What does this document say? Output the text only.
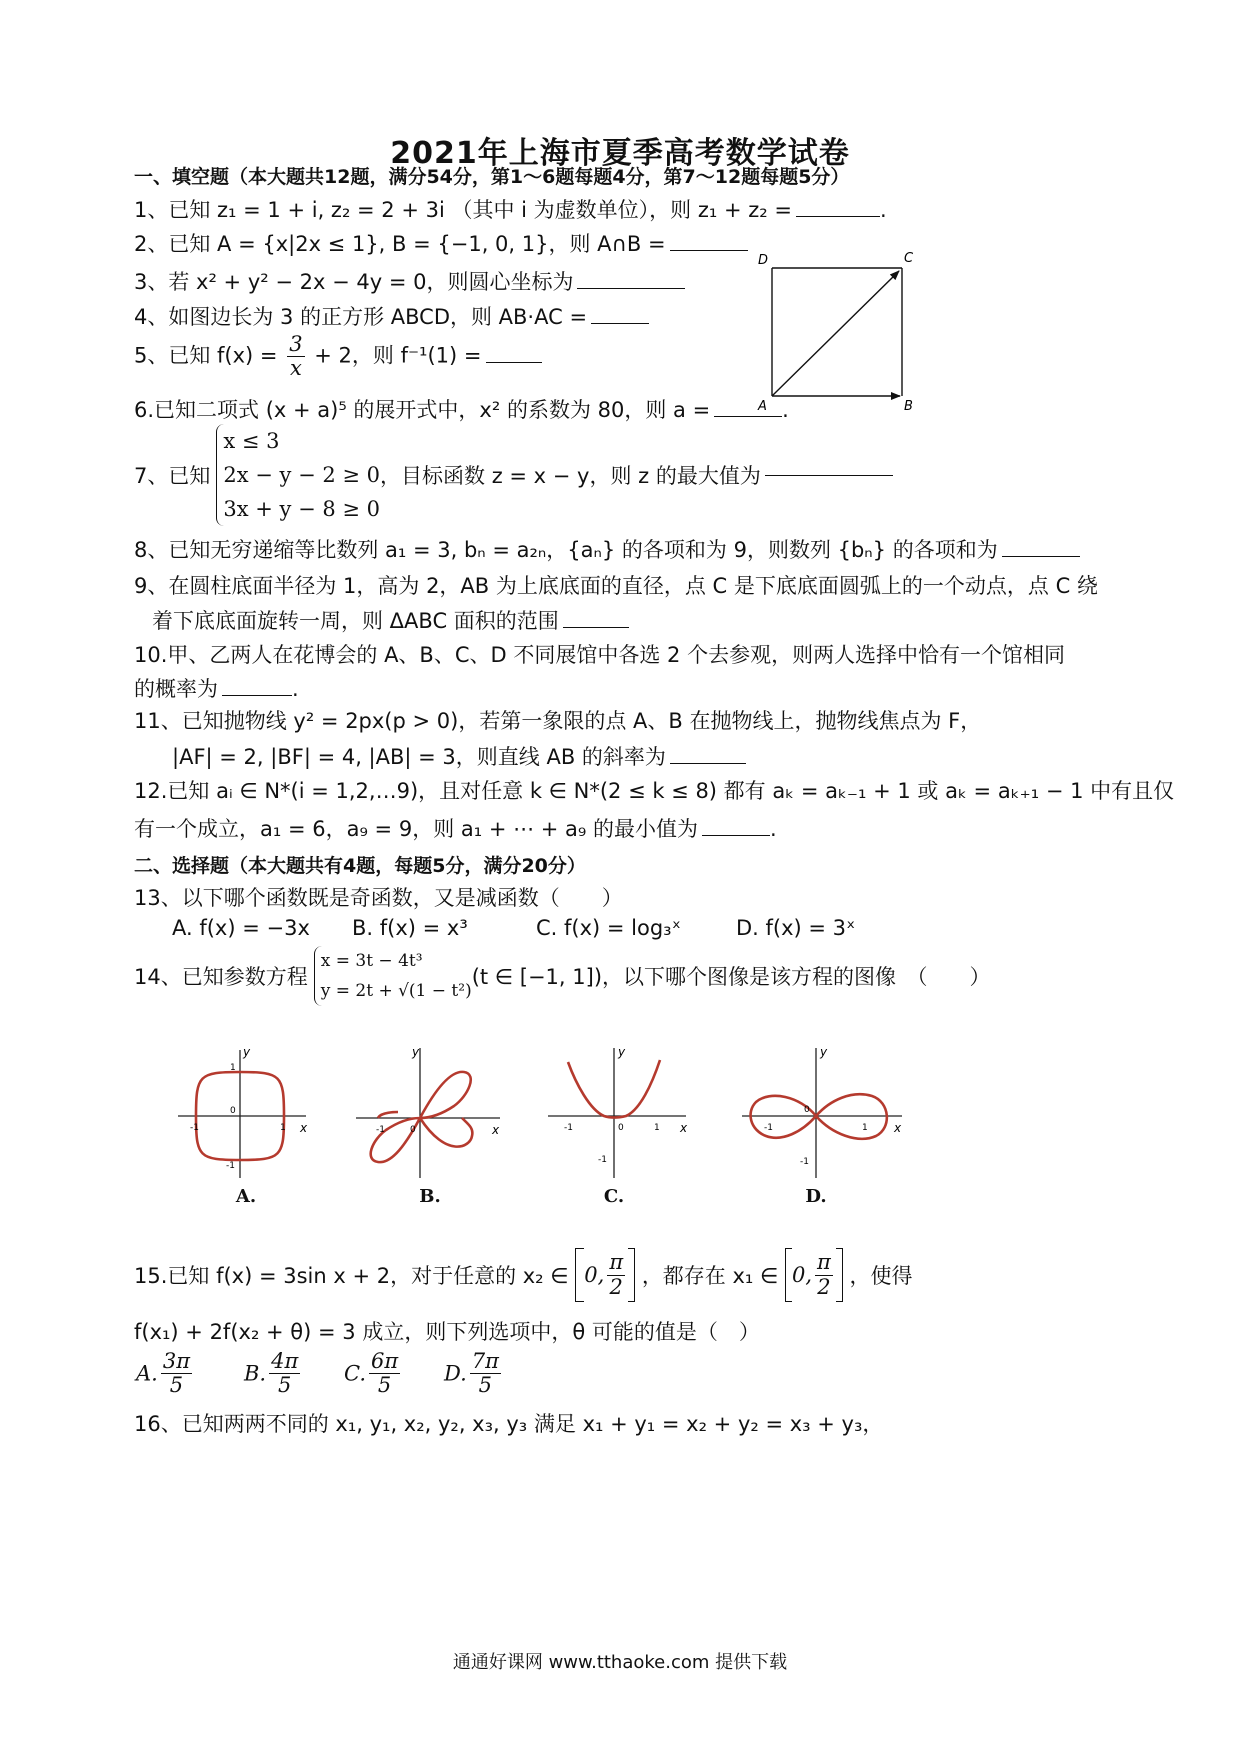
2021年上海市夏季高考数学试卷
一、填空题（本大题共12题，满分54分，第1～6题每题4分，第7～12题每题5分）
1、已知 z₁ = 1 + i, z₂ = 2 + 3i （其中 i 为虚数单位），则 z₁ + z₂ =	.
2、已知 A = {x|2x ≤ 1}, B = {−1, 0, 1}，则 A∩B =
3、若 x² + y² − 2x − 4y = 0，则圆心坐标为
4、如图边长为 3 的正方形 ABCD，则 AB·AC =
5、已知 $f(x) = \frac{3}{x} + 2$，则 f⁻¹(1) =
6.已知二项式 (x + a)⁵ 的展开式中，x² 的系数为 80，则 a =	.
D	C
A	B
7、已知
x ≤ 3
2x − y − 2 ≥ 0
3x + y − 8 ≥ 0
，目标函数 z = x − y，则 z 的最大值为
8、已知无穷递缩等比数列 a₁ = 3, bₙ = a₂ₙ，{aₙ} 的各项和为 9，则数列 {bₙ} 的各项和为
9、在圆柱底面半径为 1，高为 2，AB 为上底底面的直径，点 C 是下底底面圆弧上的一个动点，点 C 绕
着下底底面旋转一周，则 ΔABC 面积的范围
10.甲、乙两人在花博会的 A、B、C、D 不同展馆中各选 2 个去参观，则两人选择中恰有一个馆相同
的概率为	.
11、已知抛物线 y² = 2px(p > 0)，若第一象限的点 A、B 在抛物线上，抛物线焦点为 F，
|AF| = 2, |BF| = 4, |AB| = 3，则直线 AB 的斜率为
12.已知 aᵢ ∈ N*(i = 1,2,…9)，且对任意 k ∈ N*(2 ≤ k ≤ 8) 都有 aₖ = aₖ₋₁ + 1 或 aₖ = aₖ₊₁ − 1 中有且仅
有一个成立，a₁ = 6，a₉ = 9，则 a₁ + ⋯ + a₉ 的最小值为	.
二、选择题（本大题共有4题，每题5分，满分20分）
13、以下哪个函数既是奇函数，又是减函数（　　）
A. f(x) = −3x B. f(x) = x³	C. f(x) = log₃ˣ	D. f(x) = 3ˣ
14、已知参数方程
x = 3t − 4t³
y = 2t + √(1 − t²)
(t ∈ [−1, 1])，以下哪个图像是该方程的图像　（　　）
y
x
1
-1
0
1
-1
A.
y
x
-1	0
B.
y
x
-1	0	1
-1
C.
y
x
-1
0
1
-1
D.
15.已知 f(x) = 3sin x + 2，对于任意的 x₂ ∈ 0, $\frac{\pi}{2}$ ，都存在 x₁ ∈ 0, $\frac{\pi}{2}$ ，使得
f(x₁) + 2f(x₂ + θ) = 3 成立，则下列选项中，θ 可能的值是（　）
A. $\frac{3\pi}{5} B$. $\frac{4\pi}{5} C$. $\frac{6\pi}{5} D$. $\frac{7\pi}{5}$
16、已知两两不同的 x₁, y₁, x₂, y₂, x₃, y₃ 满足 x₁ + y₁ = x₂ + y₂ = x₃ + y₃，
通通好课网 www.tthaoke.com 提供下载
